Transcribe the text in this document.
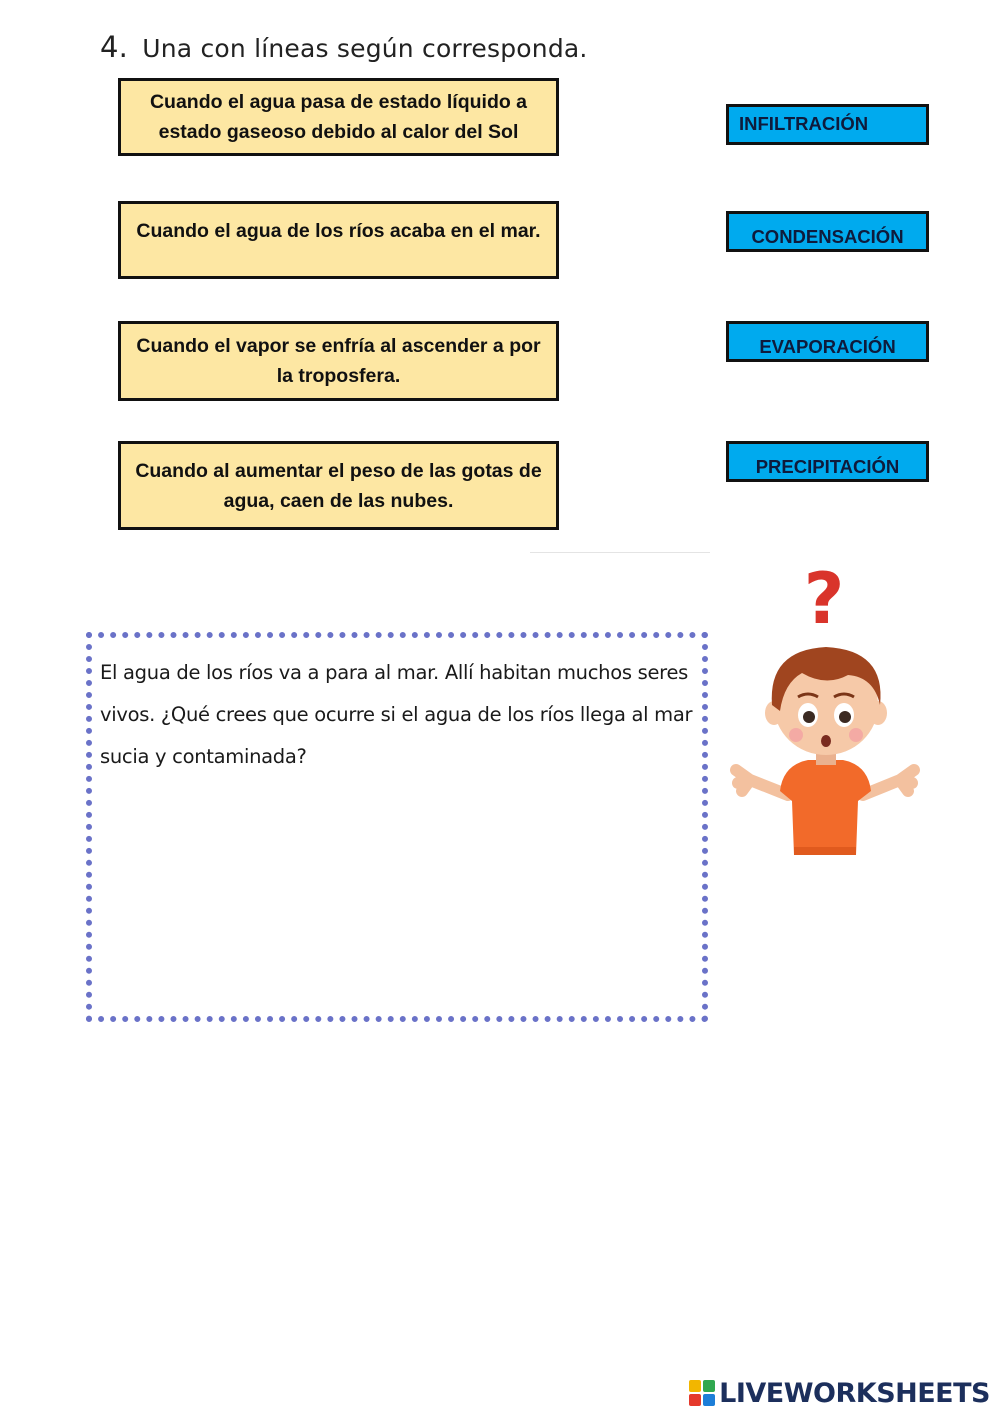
4. Una con líneas según corresponda.
Cuando el agua pasa de estado líquido a estado gaseoso debido al calor del Sol
Cuando el agua de los ríos acaba en el mar.
Cuando el vapor se enfría al ascender a por la troposfera.
Cuando al aumentar el peso de las gotas de agua, caen de las nubes.
INFILTRACIÓN
CONDENSACIÓN
EVAPORACIÓN
PRECIPITACIÓN
El agua de los ríos va a para al mar. Allí habitan muchos seres vivos. ¿Qué crees que ocurre si el agua de los ríos llega al mar sucia y contaminada?
?
LIVEWORKSHEETS
